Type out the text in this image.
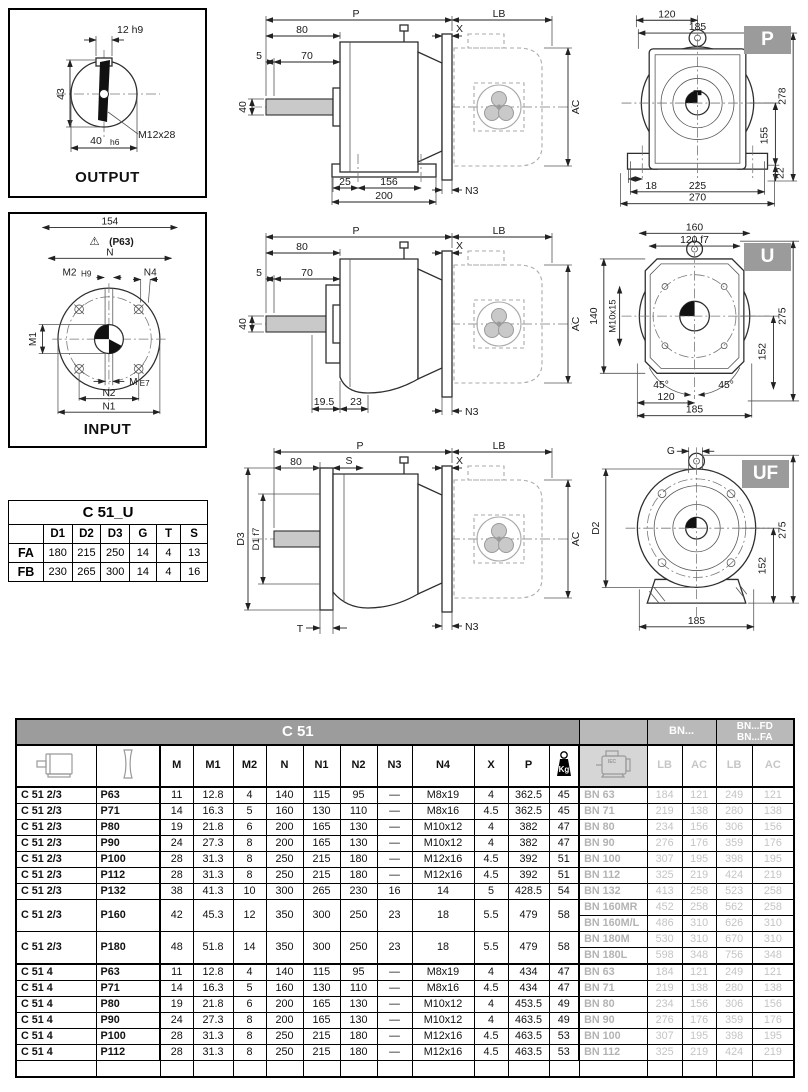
12 h9
43
M12x28
40 h6
OUTPUT
154
⚠ (P63)
N
M2 H9	N4
M1
M E7
N2
N1
INPUT
P	LB
80	X
5	70
40
25	156
200	N3
AC
120
185
278
155
22
18	225
270
P
P	LB
80	X
5	70
40
19.5 23
N3
AC
160
120 f7
140 M10x15	275
152
45°	45°
120
185
U
P	LB
80	S	X
D3 D1 f7
T	N3
AC
G
D2	275
152
185
UF
C 51_U						
	D1	D2	D3	G	T	S
FA	180	215	250	14	4	13
FB	230	265	300	14	4	16
C 51														BN...		BN...FD
BN...FA	

		M	M1	M2	N	N1	N2	N3	N4	X	P	Kg	IEC	LB	AC	LB	AC
C 51 2/3	P63	11	12.8	4	140	115	95	—	M8x19	4	362.5	45	BN 63	184	121	249	121
C 51 2/3	P71	14	16.3	5	160	130	110	—	M8x16	4.5	362.5	45	BN 71	219	138	280	138
C 51 2/3	P80	19	21.8	6	200	165	130	—	M10x12	4	382	47	BN 80	234	156	306	156
C 51 2/3	P90	24	27.3	8	200	165	130	—	M10x12	4	382	47	BN 90	276	176	359	176
C 51 2/3	P100	28	31.3	8	250	215	180	—	M12x16	4.5	392	51	BN 100	307	195	398	195
C 51 2/3	P112	28	31.3	8	250	215	180	—	M12x16	4.5	392	51	BN 112	325	219	424	219
C 51 2/3	P132	38	41.3	10	300	265	230	16	14	5	428.5	54	BN 132	413	258	523	258
C 51 2/3	P160	42	45.3	12	350	300	250	23	18	5.5	479	58	BN 160MR	452	258	562	258
													BN 160M/L	486	310	626	310
C 51 2/3	P180	48	51.8	14	350	300	250	23	18	5.5	479	58	BN 180M	530	310	670	310
													BN 180L	598	348	756	348
C 51 4	P63	11	12.8	4	140	115	95	—	M8x19	4	434	47	BN 63	184	121	249	121
C 51 4	P71	14	16.3	5	160	130	110	—	M8x16	4.5	434	47	BN 71	219	138	280	138
C 51 4	P80	19	21.8	6	200	165	130	—	M10x12	4	453.5	49	BN 80	234	156	306	156
C 51 4	P90	24	27.3	8	200	165	130	—	M10x12	4	463.5	49	BN 90	276	176	359	176
C 51 4	P100	28	31.3	8	250	215	180	—	M12x16	4.5	463.5	53	BN 100	307	195	398	195
C 51 4	P112	28	31.3	8	250	215	180	—	M12x16	4.5	463.5	53	BN 112	325	219	424	219
